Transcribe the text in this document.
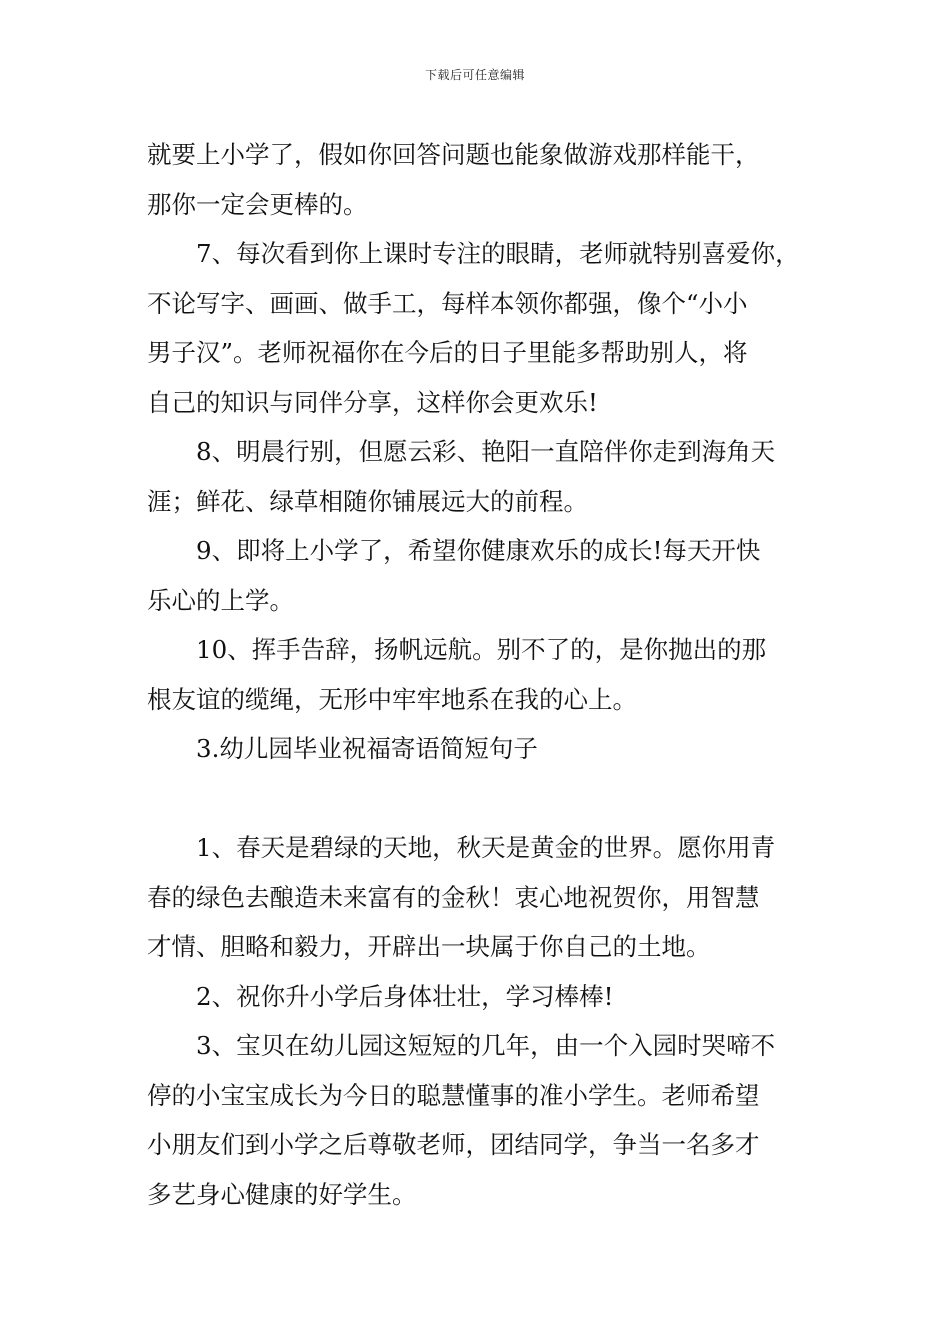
下载后可任意编辑
就要上小学了，假如你回答问题也能象做游戏那样能干，
那你一定会更棒的。
7、每次看到你上课时专注的眼睛，老师就特别喜爱你，
不论写字、画画、做手工，每样本领你都强，像个“小小
男子汉”。老师祝福你在今后的日子里能多帮助别人，将
自己的知识与同伴分享，这样你会更欢乐!
8、明晨行别，但愿云彩、艳阳一直陪伴你走到海角天
涯；鲜花、绿草相随你铺展远大的前程。
9、即将上小学了，希望你健康欢乐的成长!每天开快
乐心的上学。
10、挥手告辞，扬帆远航。别不了的，是你抛出的那
根友谊的缆绳，无形中牢牢地系在我的心上。
3.幼儿园毕业祝福寄语简短句子
1、春天是碧绿的天地，秋天是黄金的世界。愿你用青
春的绿色去酿造未来富有的金秋！衷心地祝贺你，用智慧
才情、胆略和毅力，开辟出一块属于你自己的土地。
2、祝你升小学后身体壮壮，学习棒棒!
3、宝贝在幼儿园这短短的几年，由一个入园时哭啼不
停的小宝宝成长为今日的聪慧懂事的准小学生。老师希望
小朋友们到小学之后尊敬老师，团结同学，争当一名多才
多艺身心健康的好学生。
